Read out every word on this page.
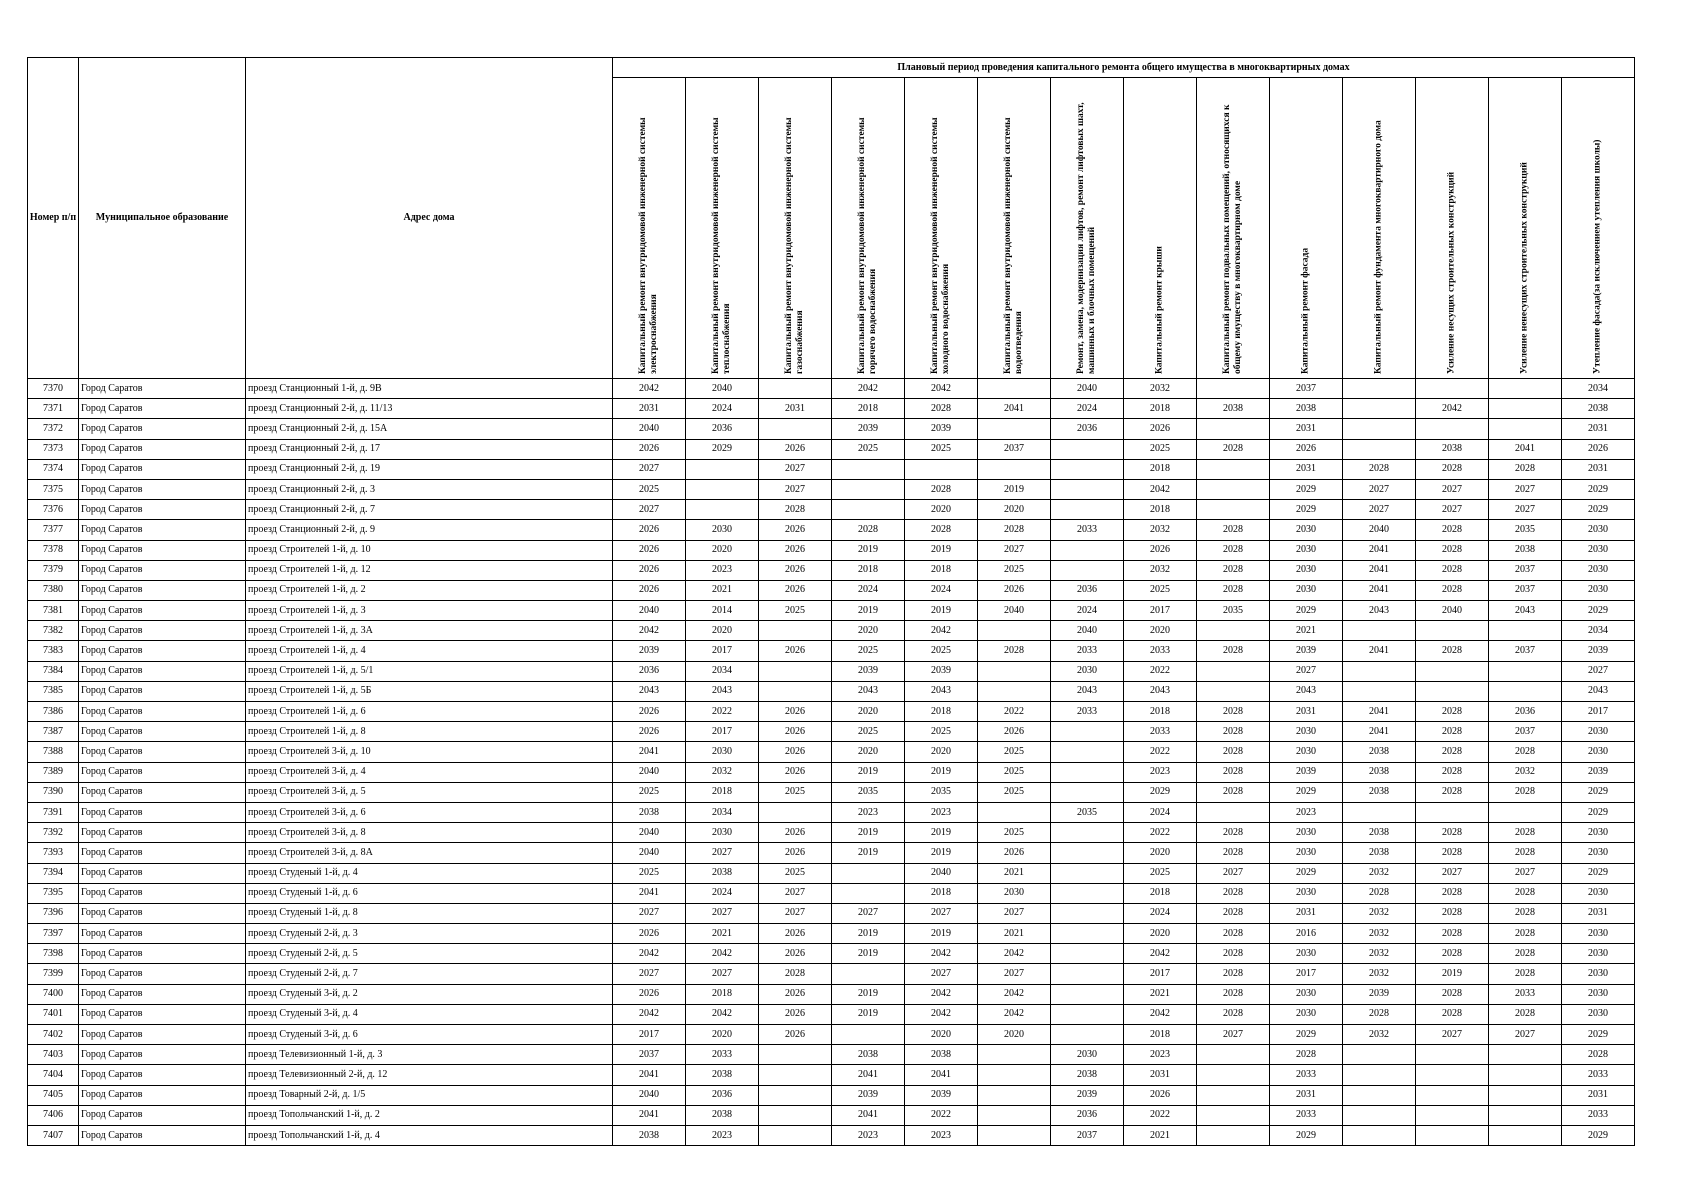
Номер п/п	Муниципальное образование	Адрес дома	Плановый период проведения капитального ремонта общего имущества в многоквартирных домах													

			Капитальный ремонт внутридомовой инженерной системы электроснабжения	Капитальный ремонт внутридомовой инженерной системы теплоснабжения	Капитальный ремонт внутридомовой инженерной системы газоснабжения	Капитальный ремонт внутридомовой инженерной системы горячего водоснабжения	Капитальный ремонт внутридомовой инженерной системы холодного водоснабжения	Капитальный ремонт внутридомовой инженерной системы водоотведения	Ремонт, замена, модернизация лифтов, ремонт лифтовых шахт, машинных и блочных помещений	Капитальный ремонт крыши	Капитальный ремонт подвальных помещений, относящихся к общему имуществу в многоквартирном доме	Капитальный ремонт фасада	Капитальный ремонт фундамента многоквартирного дома	Усиление несущих строительных конструкций	Усиление ненесущих строительных конструкций	Утепление фасада(за исключением утепления школы)

7370	Город Саратов	проезд Станционный 1-й, д. 9В	2042	2040		2042	2042		2040	2032		2037				2034
7371	Город Саратов	проезд Станционный 2-й, д. 11/13	2031	2024	2031	2018	2028	2041	2024	2018	2038	2038		2042		2038
7372	Город Саратов	проезд Станционный 2-й, д. 15А	2040	2036		2039	2039		2036	2026		2031				2031
7373	Город Саратов	проезд Станционный 2-й, д. 17	2026	2029	2026	2025	2025	2037		2025	2028	2026		2038	2041	2026
7374	Город Саратов	проезд Станционный 2-й, д. 19	2027		2027					2018		2031	2028	2028	2028	2031
7375	Город Саратов	проезд Станционный 2-й, д. 3	2025		2027		2028	2019		2042		2029	2027	2027	2027	2029
7376	Город Саратов	проезд Станционный 2-й, д. 7	2027		2028		2020	2020		2018		2029	2027	2027	2027	2029
7377	Город Саратов	проезд Станционный 2-й, д. 9	2026	2030	2026	2028	2028	2028	2033	2032	2028	2030	2040	2028	2035	2030
7378	Город Саратов	проезд Строителей 1-й, д. 10	2026	2020	2026	2019	2019	2027		2026	2028	2030	2041	2028	2038	2030
7379	Город Саратов	проезд Строителей 1-й, д. 12	2026	2023	2026	2018	2018	2025		2032	2028	2030	2041	2028	2037	2030
7380	Город Саратов	проезд Строителей 1-й, д. 2	2026	2021	2026	2024	2024	2026	2036	2025	2028	2030	2041	2028	2037	2030
7381	Город Саратов	проезд Строителей 1-й, д. 3	2040	2014	2025	2019	2019	2040	2024	2017	2035	2029	2043	2040	2043	2029
7382	Город Саратов	проезд Строителей 1-й, д. 3А	2042	2020		2020	2042		2040	2020		2021				2034
7383	Город Саратов	проезд Строителей 1-й, д. 4	2039	2017	2026	2025	2025	2028	2033	2033	2028	2039	2041	2028	2037	2039
7384	Город Саратов	проезд Строителей 1-й, д. 5/1	2036	2034		2039	2039		2030	2022		2027				2027
7385	Город Саратов	проезд Строителей 1-й, д. 5Б	2043	2043		2043	2043		2043	2043		2043				2043
7386	Город Саратов	проезд Строителей 1-й, д. 6	2026	2022	2026	2020	2018	2022	2033	2018	2028	2031	2041	2028	2036	2017
7387	Город Саратов	проезд Строителей 1-й, д. 8	2026	2017	2026	2025	2025	2026		2033	2028	2030	2041	2028	2037	2030
7388	Город Саратов	проезд Строителей 3-й, д. 10	2041	2030	2026	2020	2020	2025		2022	2028	2030	2038	2028	2028	2030
7389	Город Саратов	проезд Строителей 3-й, д. 4	2040	2032	2026	2019	2019	2025		2023	2028	2039	2038	2028	2032	2039
7390	Город Саратов	проезд Строителей 3-й, д. 5	2025	2018	2025	2035	2035	2025		2029	2028	2029	2038	2028	2028	2029
7391	Город Саратов	проезд Строителей 3-й, д. 6	2038	2034		2023	2023		2035	2024		2023				2029
7392	Город Саратов	проезд Строителей 3-й, д. 8	2040	2030	2026	2019	2019	2025		2022	2028	2030	2038	2028	2028	2030
7393	Город Саратов	проезд Строителей 3-й, д. 8А	2040	2027	2026	2019	2019	2026		2020	2028	2030	2038	2028	2028	2030
7394	Город Саратов	проезд Студеный 1-й, д. 4	2025	2038	2025		2040	2021		2025	2027	2029	2032	2027	2027	2029
7395	Город Саратов	проезд Студеный 1-й, д. 6	2041	2024	2027		2018	2030		2018	2028	2030	2028	2028	2028	2030
7396	Город Саратов	проезд Студеный 1-й, д. 8	2027	2027	2027	2027	2027	2027		2024	2028	2031	2032	2028	2028	2031
7397	Город Саратов	проезд Студеный 2-й, д. 3	2026	2021	2026	2019	2019	2021		2020	2028	2016	2032	2028	2028	2030
7398	Город Саратов	проезд Студеный 2-й, д. 5	2042	2042	2026	2019	2042	2042		2042	2028	2030	2032	2028	2028	2030
7399	Город Саратов	проезд Студеный 2-й, д. 7	2027	2027	2028		2027	2027		2017	2028	2017	2032	2019	2028	2030
7400	Город Саратов	проезд Студеный 3-й, д. 2	2026	2018	2026	2019	2042	2042		2021	2028	2030	2039	2028	2033	2030
7401	Город Саратов	проезд Студеный 3-й, д. 4	2042	2042	2026	2019	2042	2042		2042	2028	2030	2028	2028	2028	2030
7402	Город Саратов	проезд Студеный 3-й, д. 6	2017	2020	2026		2020	2020		2018	2027	2029	2032	2027	2027	2029
7403	Город Саратов	проезд Телевизионный 1-й, д. 3	2037	2033		2038	2038		2030	2023		2028				2028
7404	Город Саратов	проезд Телевизионный 2-й, д. 12	2041	2038		2041	2041		2038	2031		2033				2033
7405	Город Саратов	проезд Товарный 2-й, д. 1/5	2040	2036		2039	2039		2039	2026		2031				2031
7406	Город Саратов	проезд Топольчанский 1-й, д. 2	2041	2038		2041	2022		2036	2022		2033				2033
7407	Город Саратов	проезд Топольчанский 1-й, д. 4	2038	2023		2023	2023		2037	2021		2029				2029
